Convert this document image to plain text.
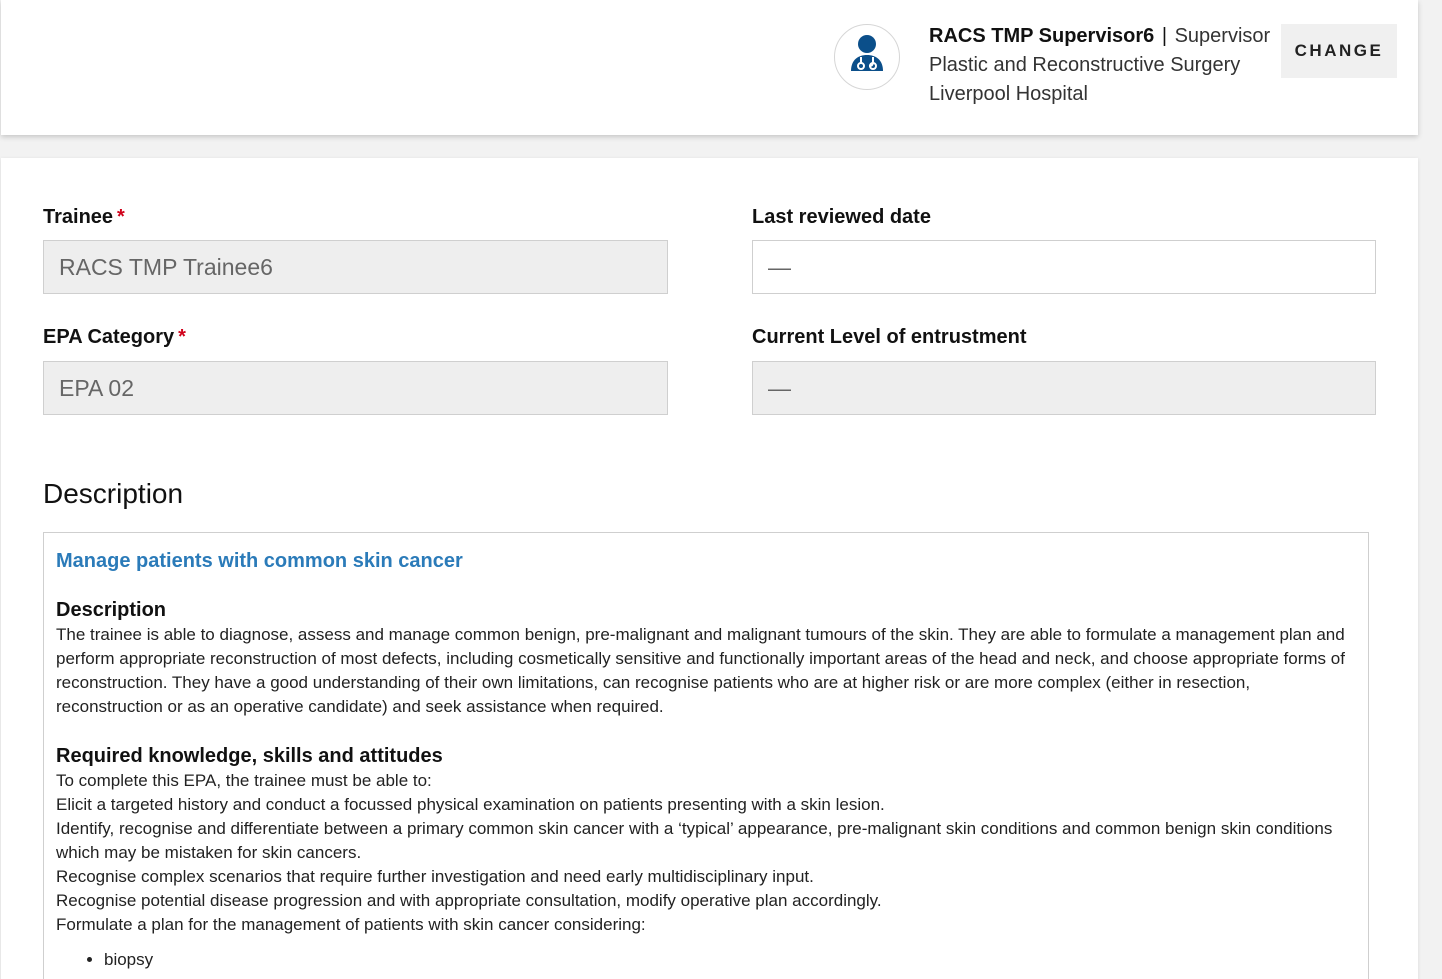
RACS TMP Supervisor6 | Supervisor
Plastic and Reconstructive Surgery
Liverpool Hospital
CHANGE
Trainee *
RACS TMP Trainee6
Last reviewed date
—
EPA Category *
EPA 02
Current Level of entrustment
—
Description
Manage patients with common skin cancer
Description
The trainee is able to diagnose, assess and manage common benign, pre-malignant and malignant tumours of the skin. They are able to formulate a management plan and perform appropriate reconstruction of most defects, including cosmetically sensitive and functionally important areas of the head and neck, and choose appropriate forms of reconstruction. They have a good understanding of their own limitations, can recognise patients who are at higher risk or are more complex (either in resection, reconstruction or as an operative candidate) and seek assistance when required.
Required knowledge, skills and attitudes
To complete this EPA, the trainee must be able to:
Elicit a targeted history and conduct a focussed physical examination on patients presenting with a skin lesion.
Identify, recognise and differentiate between a primary common skin cancer with a ‘typical’ appearance, pre-malignant skin conditions and common benign skin conditions which may be mistaken for skin cancers.
Recognise complex scenarios that require further investigation and need early multidisciplinary input.
Recognise potential disease progression and with appropriate consultation, modify operative plan accordingly.
Formulate a plan for the management of patients with skin cancer considering:
• biopsy
